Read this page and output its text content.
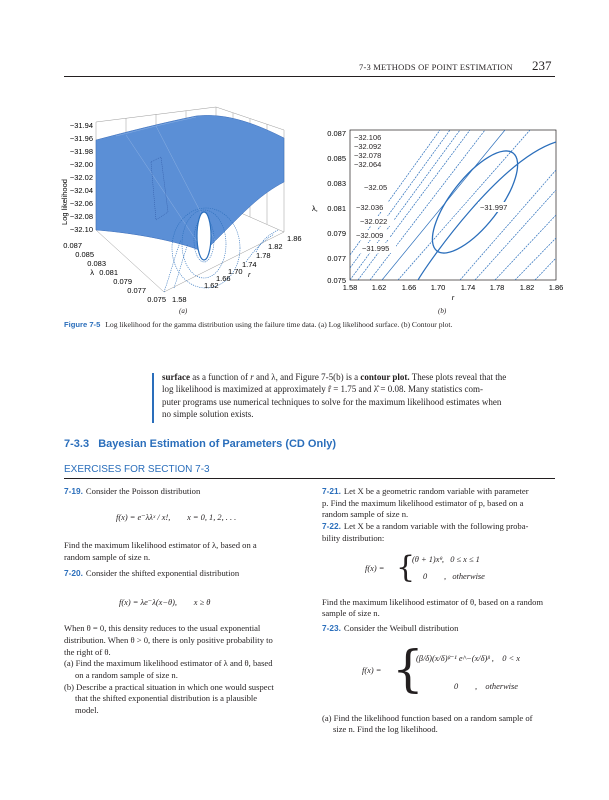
7-3 METHODS OF POINT ESTIMATION 237
Log likelihood
−31.94
−31.96
−31.98
−32.00
−32.02
−32.04
−32.06
−32.08
−32.10
0.087
0.085
0.083
0.081
0.079
0.077
0.075
λ
1.58
1.62
1.66
1.70
1.74
1.78
1.82
1.86
r
(a)
−32.106
−32.092
−32.078
−32.064
−32.05
−32.036
−32.022
−32.009
−31.995
−31.997
0.087
0.085
0.083
0.081
0.079
0.077
0.075
λ,
1.58 1.62 1.66 1.70 1.74 1.78 1.82 1.86
r
(b)
Figure 7-5 Log likelihood for the gamma distribution using the failure time data. (a) Log likelihood surface. (b) Contour plot.
surface as a function of r and λ, and Figure 7-5(b) is a contour plot. These plots reveal that the
log likelihood is maximized at approximately r̂ = 1.75 and λ̂ = 0.08. Many statistics com-
puter programs use numerical techniques to solve for the maximum likelihood estimates when
no simple solution exists.
7-3.3   Bayesian Estimation of Parameters (CD Only)
EXERCISES FOR SECTION 7-3
7-19. Consider the Poisson distribution
f(x) = e⁻λλˣ / x!,        x = 0, 1, 2, . . .
Find the maximum likelihood estimator of λ, based on a
random sample of size n.
7-20. Consider the shifted exponential distribution
f(x) = λe⁻λ(x−θ),        x ≥ θ
When θ = 0, this density reduces to the usual exponential
distribution. When θ > 0, there is only positive probability to
the right of θ.
(a) Find the maximum likelihood estimator of λ and θ, based
on a random sample of size n.
(b) Describe a practical situation in which one would suspect
that the shifted exponential distribution is a plausible
model.
7-21. Let X be a geometric random variable with parameter
p. Find the maximum likelihood estimator of p, based on a
random sample of size n.
7-22. Let X be a random variable with the following proba-
bility distribution:
f(x) = {
(θ + 1)xᶿ,   0 ≤ x ≤ 1
0        ,   otherwise
Find the maximum likelihood estimator of θ, based on a random
sample of size n.
7-23. Consider the Weibull distribution
f(x) = {
(β/δ)(x/δ)ᵝ⁻¹ e^−(x/δ)ᵝ ,    0 < x
0        ,    otherwise
(a) Find the likelihood function based on a random sample of
size n. Find the log likelihood.
